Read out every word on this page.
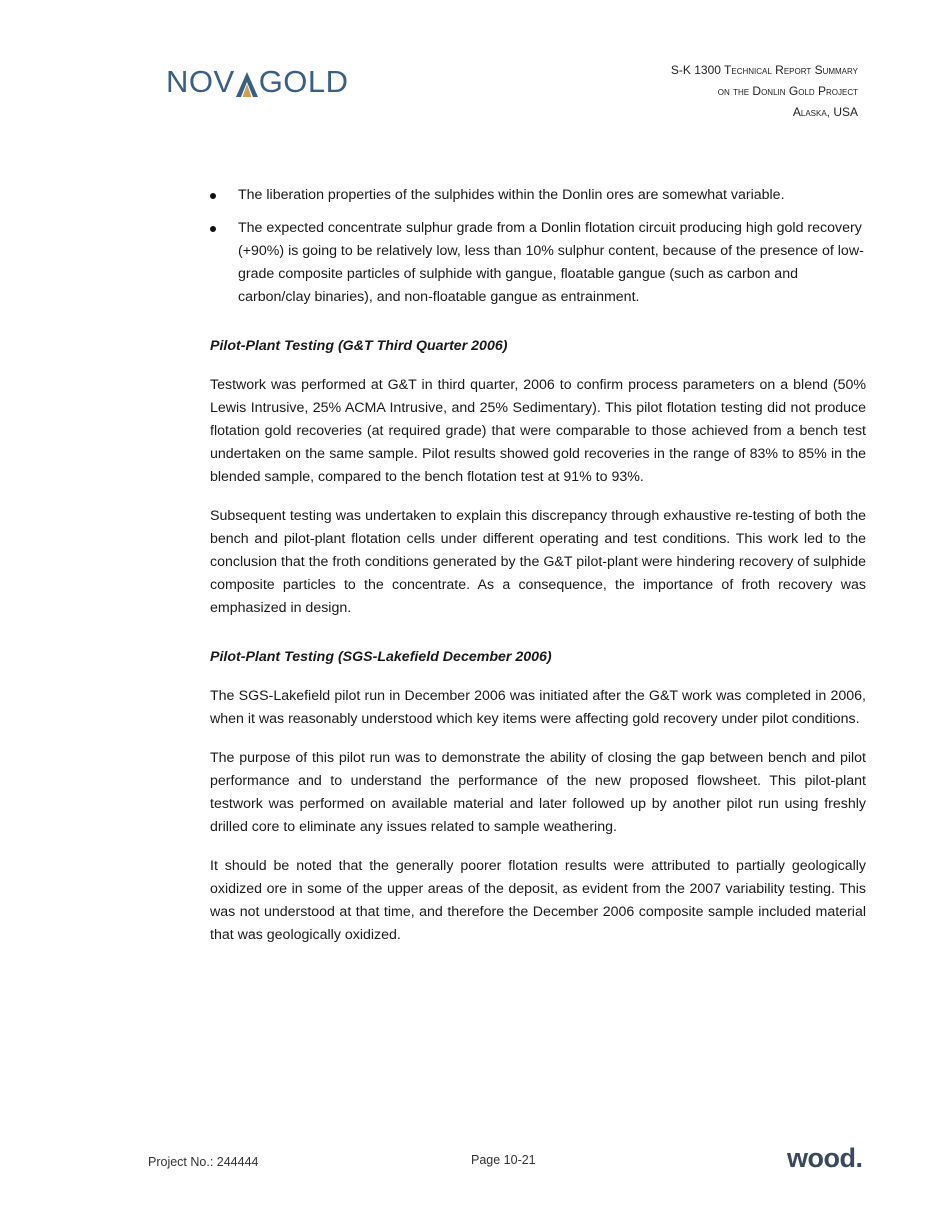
NOV GOLD	S-K 1300 Technical Report Summary
on the Donlin Gold Project
Alaska, USA
The liberation properties of the sulphides within the Donlin ores are somewhat variable.
The expected concentrate sulphur grade from a Donlin flotation circuit producing high gold recovery (+90%) is going to be relatively low, less than 10% sulphur content, because of the presence of low-grade composite particles of sulphide with gangue, floatable gangue (such as carbon and carbon/clay binaries), and non-floatable gangue as entrainment.
Pilot-Plant Testing (G&T Third Quarter 2006)

Testwork was performed at G&T in third quarter, 2006 to confirm process parameters on a blend (50% Lewis Intrusive, 25% ACMA Intrusive, and 25% Sedimentary). This pilot flotation testing did not produce flotation gold recoveries (at required grade) that were comparable to those achieved from a bench test undertaken on the same sample. Pilot results showed gold recoveries in the range of 83% to 85% in the blended sample, compared to the bench flotation test at 91% to 93%.

Subsequent testing was undertaken to explain this discrepancy through exhaustive re-testing of both the bench and pilot-plant flotation cells under different operating and test conditions. This work led to the conclusion that the froth conditions generated by the G&T pilot-plant were hindering recovery of sulphide composite particles to the concentrate. As a consequence, the importance of froth recovery was emphasized in design.

Pilot-Plant Testing (SGS-Lakefield December 2006)

The SGS-Lakefield pilot run in December 2006 was initiated after the G&T work was completed in 2006, when it was reasonably understood which key items were affecting gold recovery under pilot conditions.

The purpose of this pilot run was to demonstrate the ability of closing the gap between bench and pilot performance and to understand the performance of the new proposed flowsheet. This pilot-plant testwork was performed on available material and later followed up by another pilot run using freshly drilled core to eliminate any issues related to sample weathering.

It should be noted that the generally poorer flotation results were attributed to partially geologically oxidized ore in some of the upper areas of the deposit, as evident from the 2007 variability testing. This was not understood at that time, and therefore the December 2006 composite sample included material that was geologically oxidized.

Project No.: 244444	Page 10-21	wood.
